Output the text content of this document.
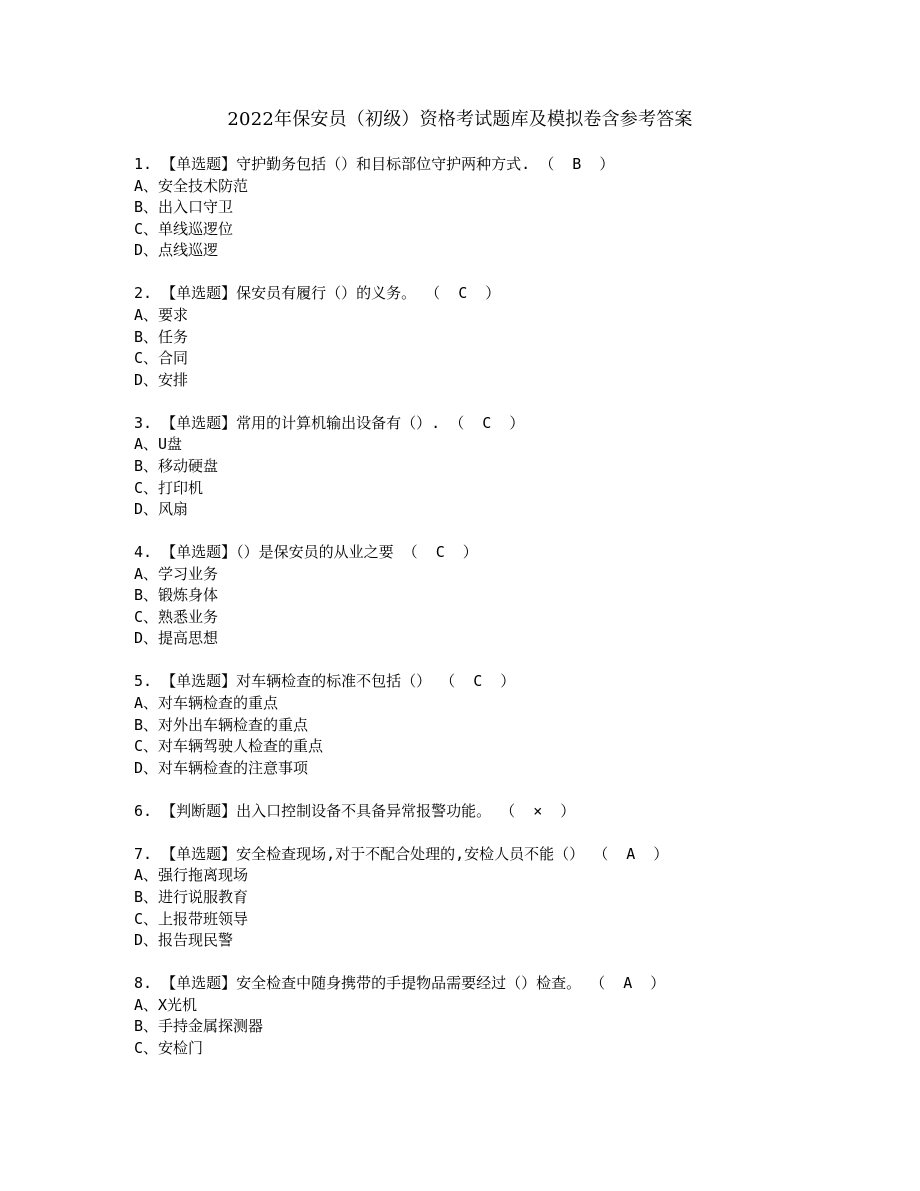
2022年保安员（初级）资格考试题库及模拟卷含参考答案
1. 【单选题】守护勤务包括（）和目标部位守护两种方式. （  B  ）
A、安全技术防范
B、出入口守卫
C、单线巡逻位
D、点线巡逻
2. 【单选题】保安员有履行（）的义务。 （  C  ）
A、要求
B、任务
C、合同
D、安排
3. 【单选题】常用的计算机输出设备有（）. （  C  ）
A、U盘
B、移动硬盘
C、打印机
D、风扇
4. 【单选题】（）是保安员的从业之要 （  C  ）
A、学习业务
B、锻炼身体
C、熟悉业务
D、提高思想
5. 【单选题】对车辆检查的标准不包括（） （  C  ）
A、对车辆检查的重点
B、对外出车辆检查的重点
C、对车辆驾驶人检查的重点
D、对车辆检查的注意事项
6. 【判断题】出入口控制设备不具备异常报警功能。 （  ×  ）
7. 【单选题】安全检查现场,对于不配合处理的,安检人员不能（） （  A  ）
A、强行拖离现场
B、进行说服教育
C、上报带班领导
D、报告现民警
8. 【单选题】安全检查中随身携带的手提物品需要经过（）检查。 （  A  ）
A、X光机
B、手持金属探测器
C、安检门
